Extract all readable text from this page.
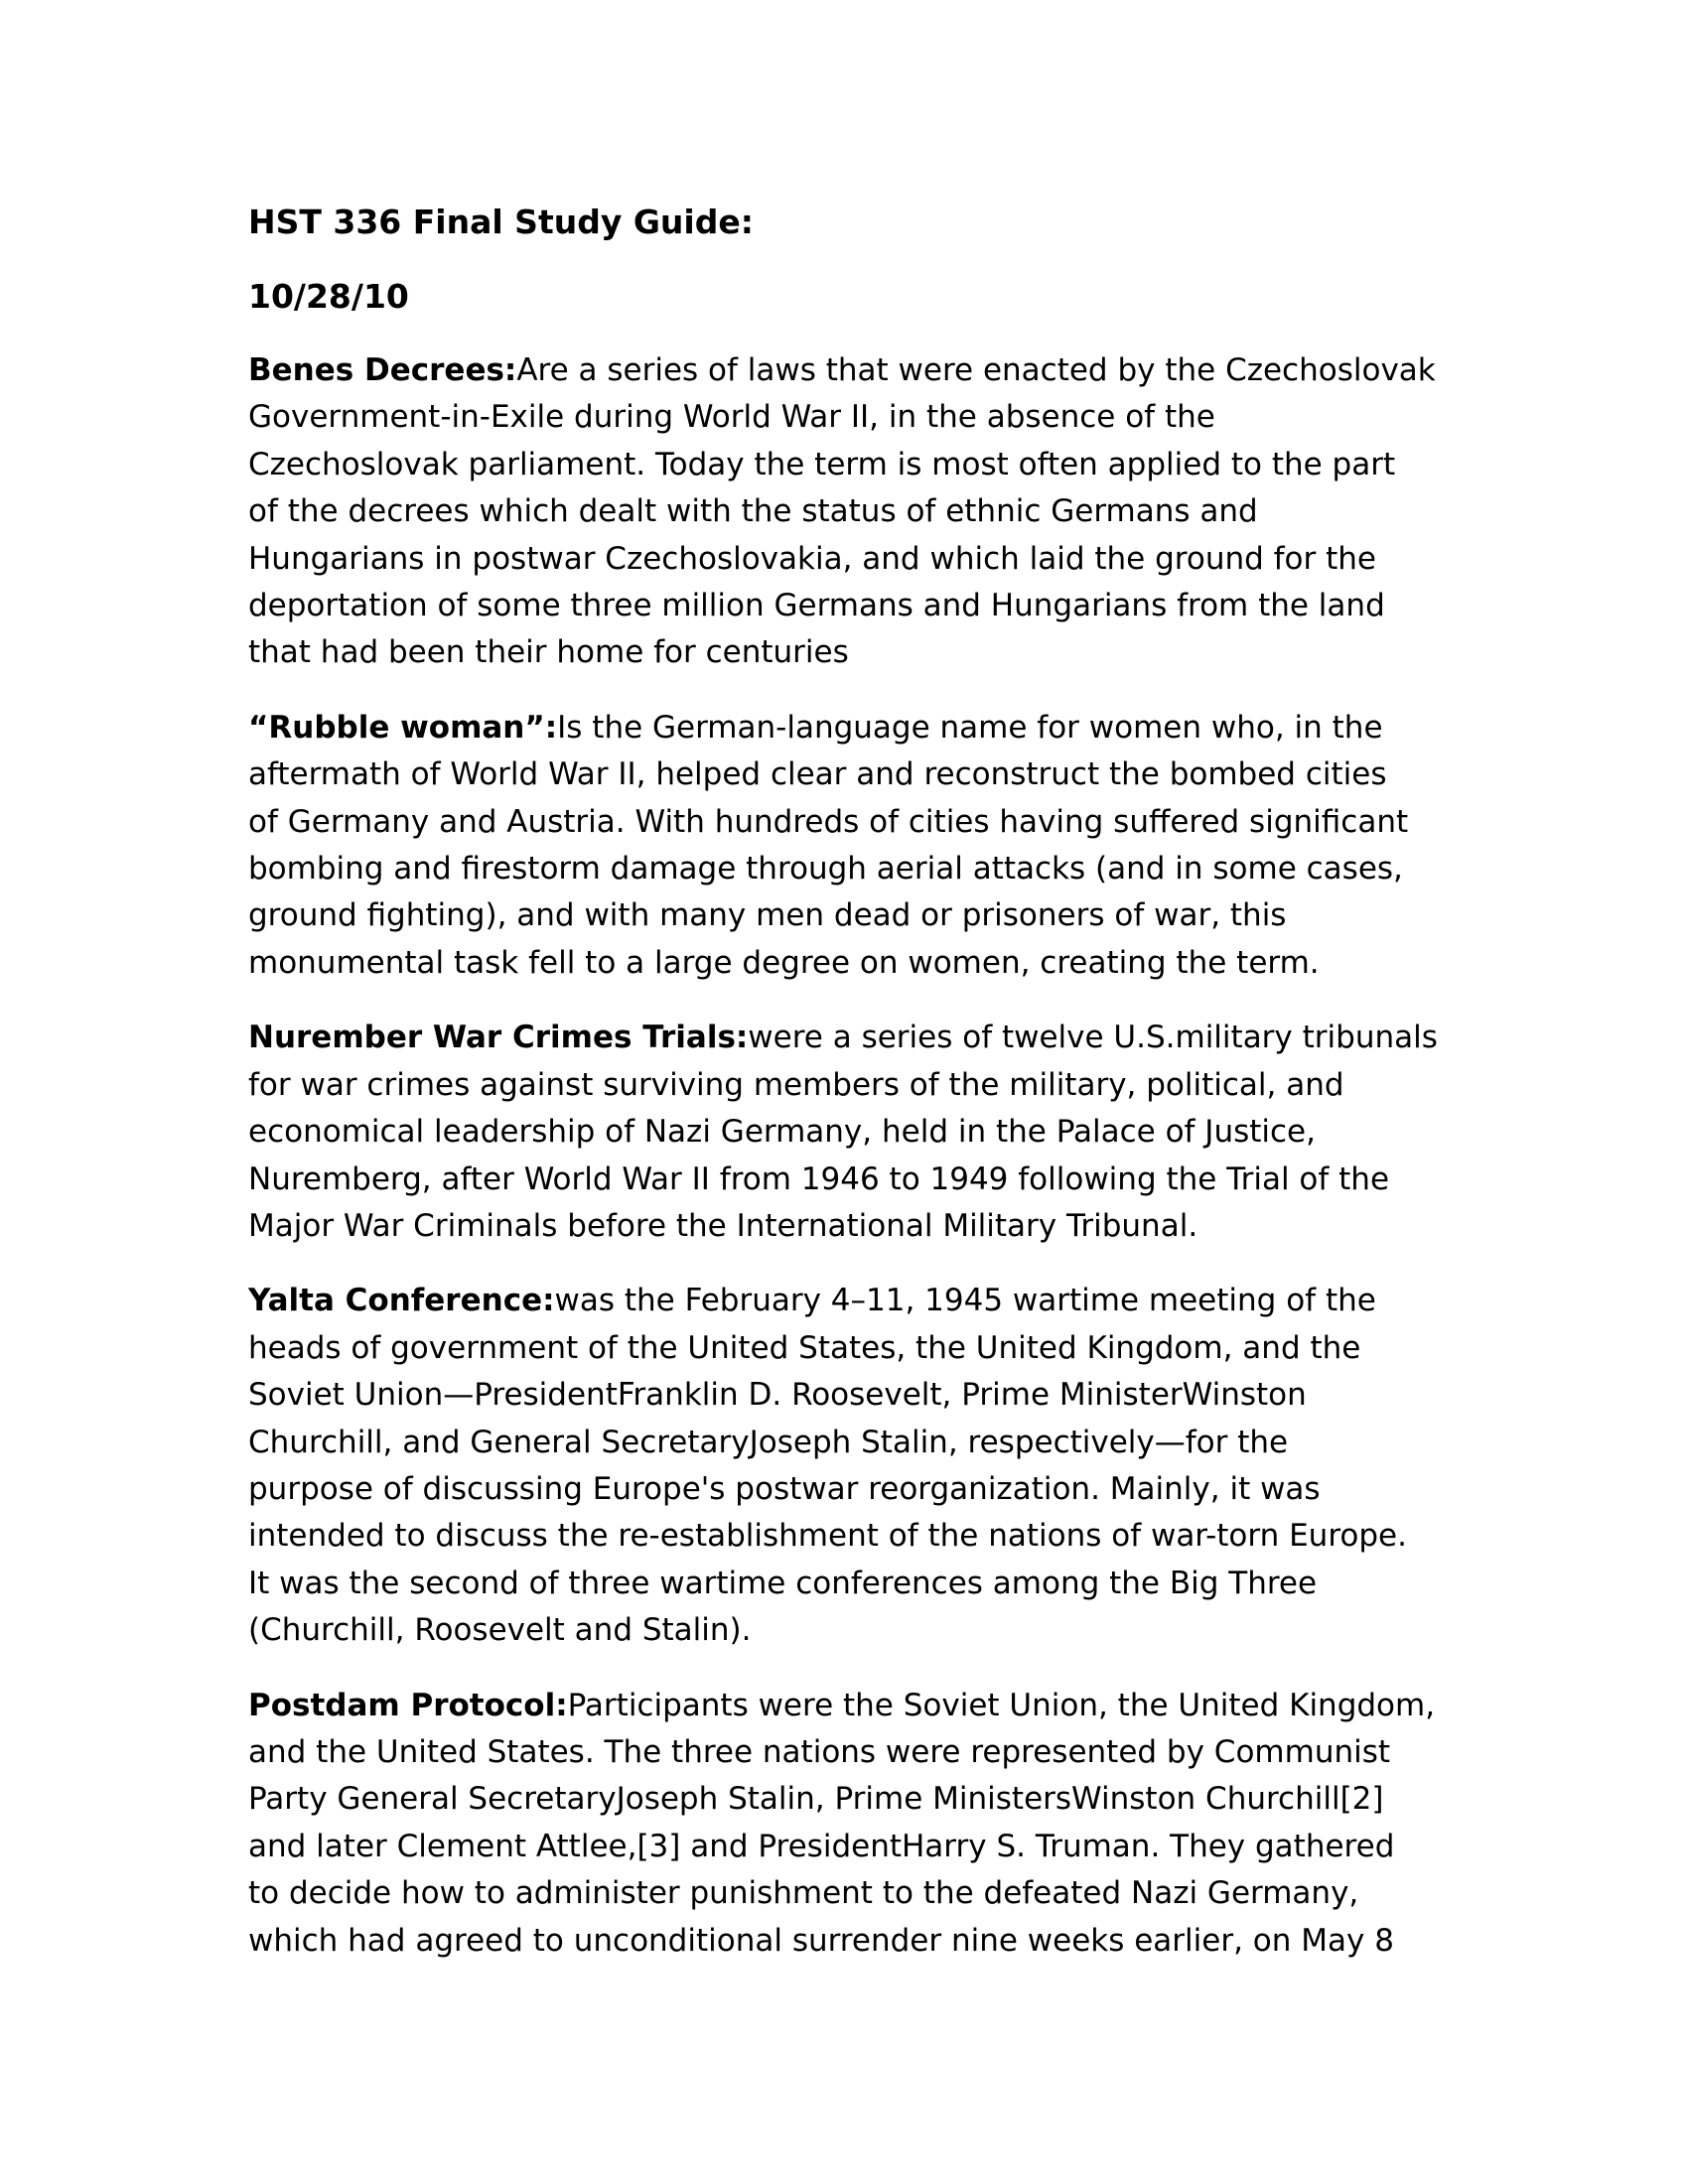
HST 336 Final Study Guide:
10/28/10
Benes Decrees:Are a series of laws that were enacted by the Czechoslovak
Government-in-Exile during World War II, in the absence of the
Czechoslovak parliament. Today the term is most often applied to the part
of the decrees which dealt with the status of ethnic Germans and
Hungarians in postwar Czechoslovakia, and which laid the ground for the
deportation of some three million Germans and Hungarians from the land
that had been their home for centuries
“Rubble woman”:Is the German-language name for women who, in the
aftermath of World War II, helped clear and reconstruct the bombed cities
of Germany and Austria. With hundreds of cities having suffered significant
bombing and firestorm damage through aerial attacks (and in some cases,
ground fighting), and with many men dead or prisoners of war, this
monumental task fell to a large degree on women, creating the term.
Nurember War Crimes Trials:were a series of twelve U.S.military tribunals
for war crimes against surviving members of the military, political, and
economical leadership of Nazi Germany, held in the Palace of Justice,
Nuremberg, after World War II from 1946 to 1949 following the Trial of the
Major War Criminals before the International Military Tribunal.
Yalta Conference:was the February 4–11, 1945 wartime meeting of the
heads of government of the United States, the United Kingdom, and the
Soviet Union—PresidentFranklin D. Roosevelt, Prime MinisterWinston
Churchill, and General SecretaryJoseph Stalin, respectively—for the
purpose of discussing Europe's postwar reorganization. Mainly, it was
intended to discuss the re-establishment of the nations of war-torn Europe.
It was the second of three wartime conferences among the Big Three
(Churchill, Roosevelt and Stalin).
Postdam Protocol:Participants were the Soviet Union, the United Kingdom,
and the United States. The three nations were represented by Communist
Party General SecretaryJoseph Stalin, Prime MinistersWinston Churchill[2]
and later Clement Attlee,[3] and PresidentHarry S. Truman. They gathered
to decide how to administer punishment to the defeated Nazi Germany,
which had agreed to unconditional surrender nine weeks earlier, on May 8
